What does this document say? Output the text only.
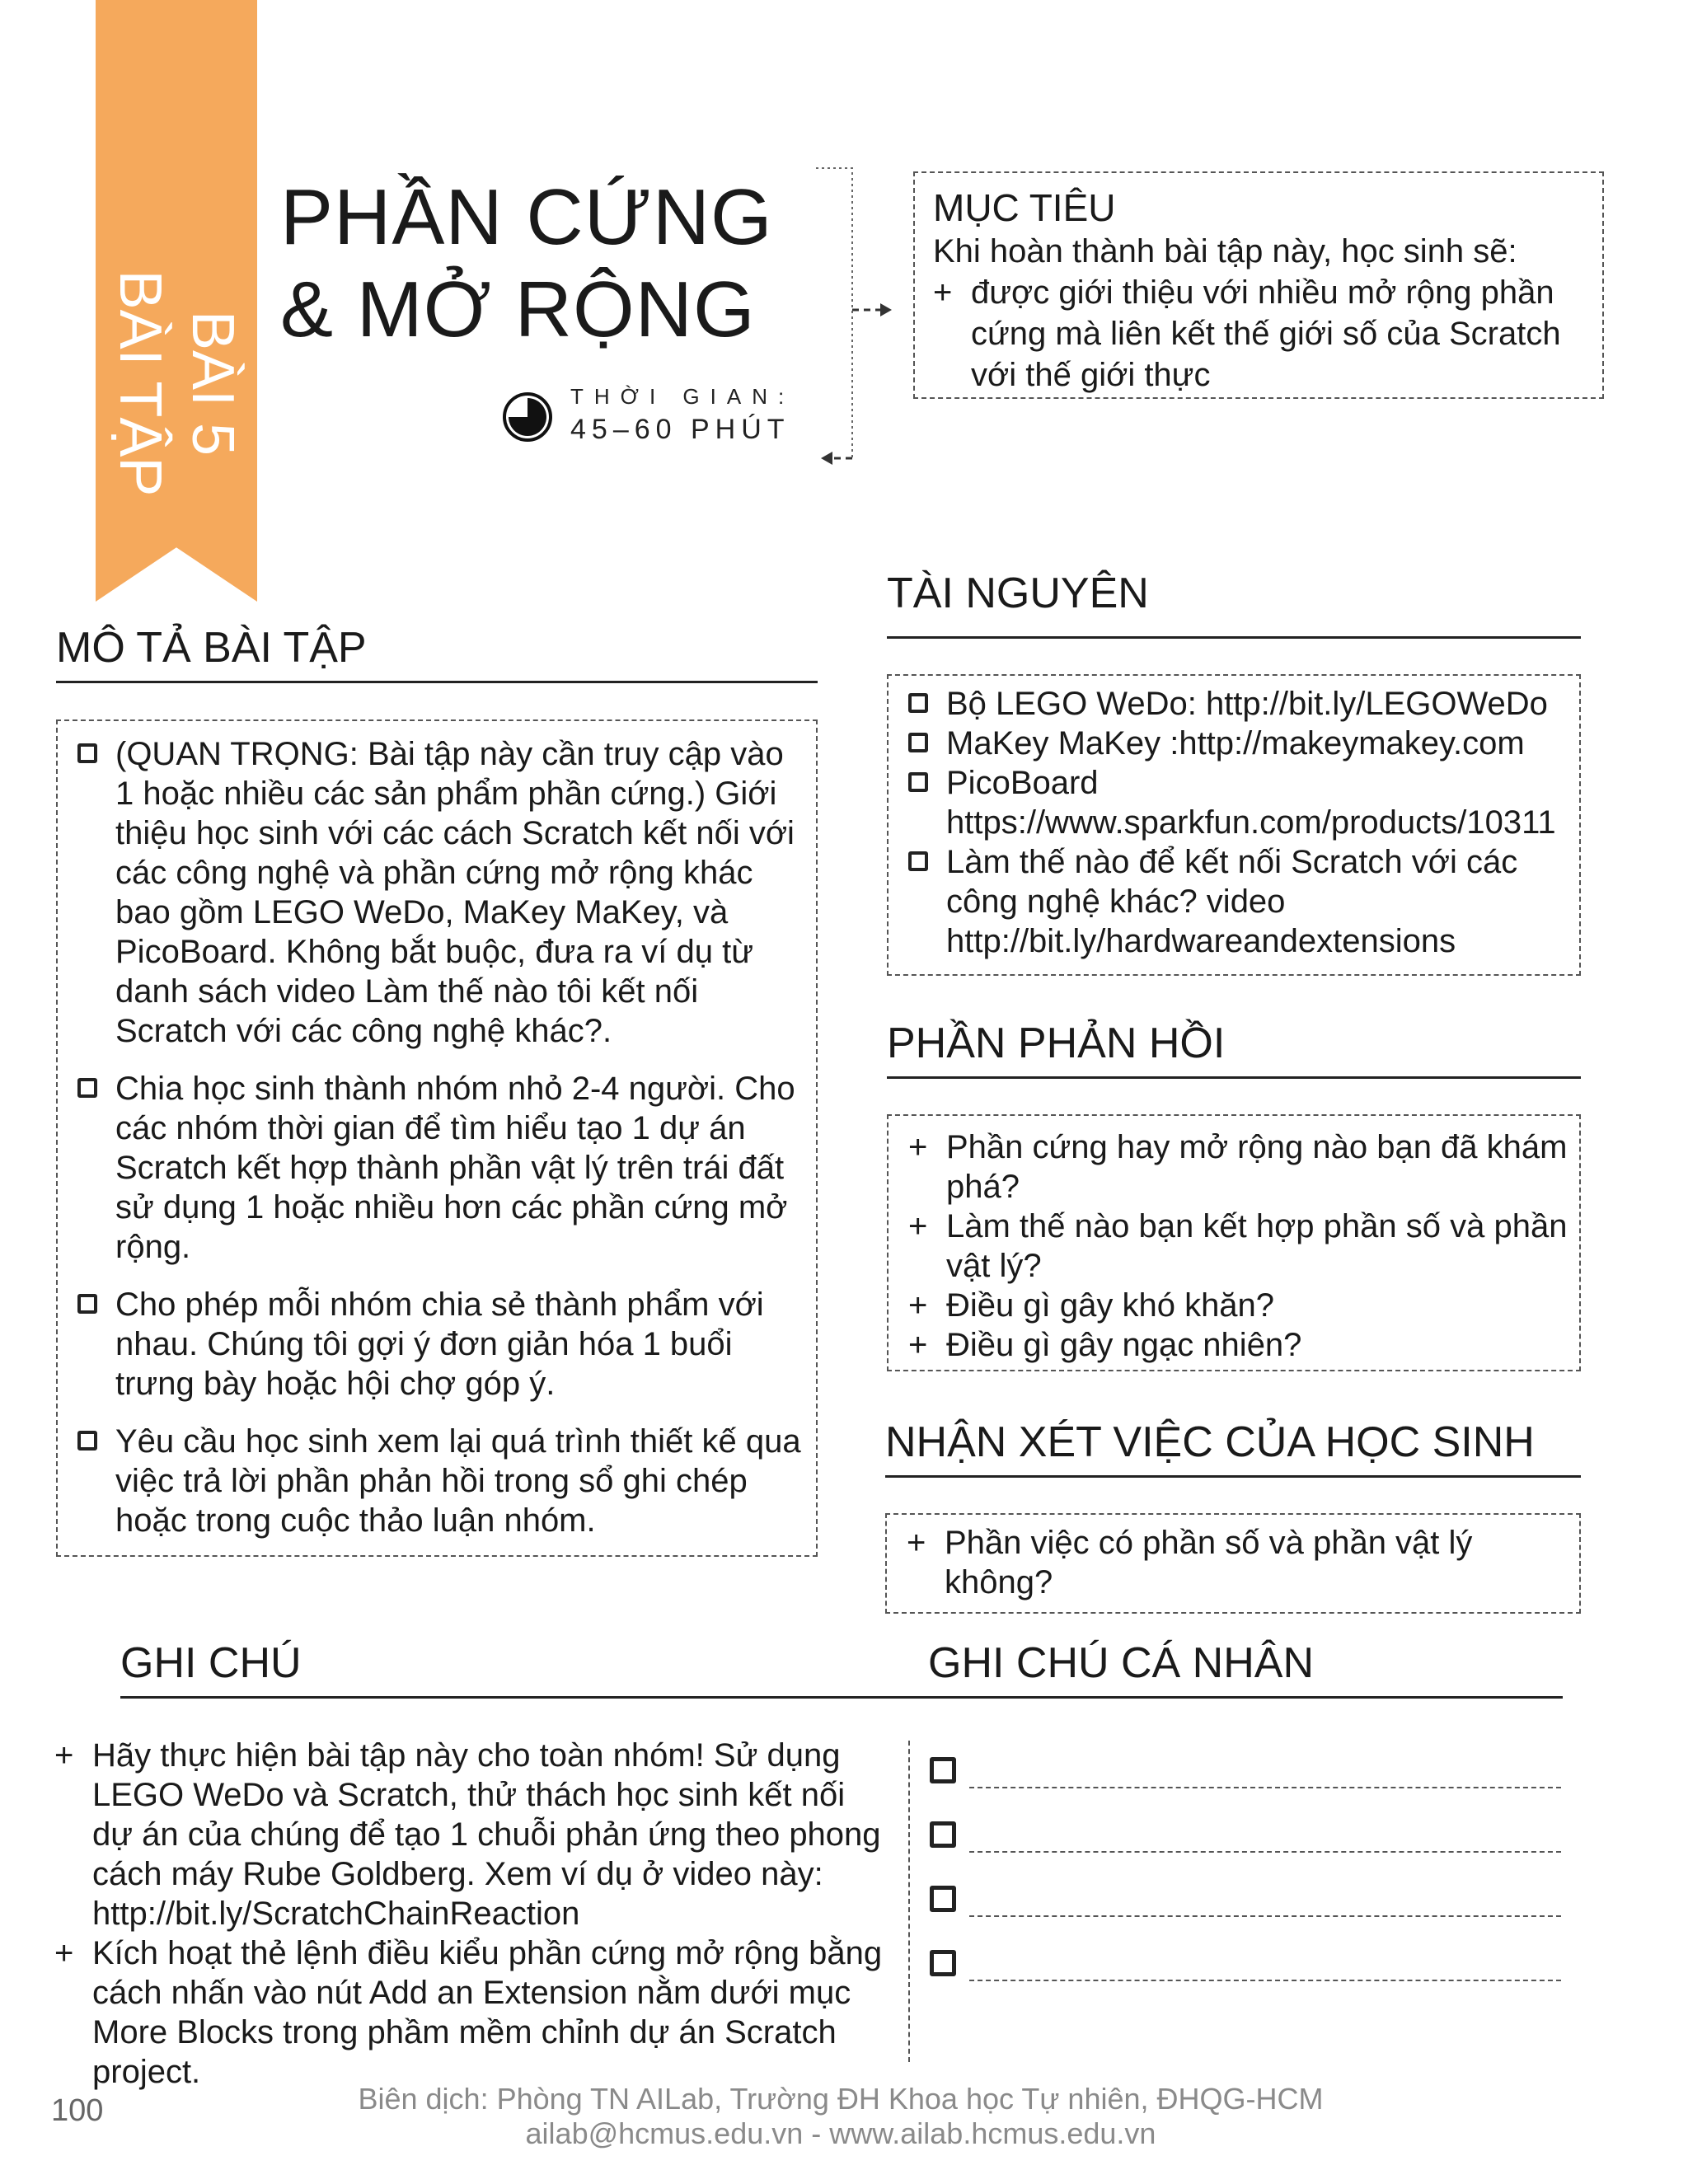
BÀI 5
BÀI TẬP
PHẦN CỨNG
& MỞ RỘNG
THỜI GIAN:
45–60 PHÚT
MỤC TIÊU
Khi hoàn thành bài tập này, học sinh sẽ:
+ được giới thiệu với nhiều mở rộng phần cứng mà liên kết thế giới số của Scratch với thế giới thực
MÔ TẢ BÀI TẬP
(QUAN TRỌNG: Bài tập này cần truy cập vào 1 hoặc nhiều các sản phẩm phần cứng.) Giới thiệu học sinh với các cách Scratch kết nối với các công nghệ và phần cứng mở rộng khác bao gồm LEGO WeDo, MaKey MaKey, và PicoBoard. Không bắt buộc, đưa ra ví dụ từ danh sách video Làm thế nào tôi kết nối Scratch với các công nghệ khác?.
Chia học sinh thành nhóm nhỏ 2-4 người. Cho các nhóm thời gian để tìm hiểu tạo 1 dự án Scratch kết hợp thành phần vật lý trên trái đất sử dụng 1 hoặc nhiều hơn các phần cứng mở rộng.
Cho phép mỗi nhóm chia sẻ thành phẩm với nhau. Chúng tôi gợi ý đơn giản hóa 1 buổi trưng bày hoặc hội chợ góp ý.
Yêu cầu học sinh xem lại quá trình thiết kế qua việc trả lời phần phản hồi trong sổ ghi chép hoặc trong cuộc thảo luận nhóm.
TÀI NGUYÊN
Bộ LEGO WeDo: http://bit.ly/LEGOWeDo
MaKey MaKey :http://makeymakey.com
PicoBoard https://www.sparkfun.com/products/10311
Làm thế nào để kết nối Scratch với các công nghệ khác? video http://bit.ly/hardwareandextensions
PHẦN PHẢN HỒI
+ Phần cứng hay mở rộng nào bạn đã khám phá?
+ Làm thế nào bạn kết hợp phần số và phần vật lý?
+ Điều gì gây khó khăn?
+ Điều gì gây ngạc nhiên?
NHẬN XÉT VIỆC CỦA HỌC SINH
+ Phần việc có phần số và phần vật lý không?
GHI CHÚ	GHI CHÚ CÁ NHÂN
+ Hãy thực hiện bài tập này cho toàn nhóm! Sử dụng LEGO WeDo và Scratch, thử thách học sinh kết nối dự án của chúng để tạo 1 chuỗi phản ứng theo phong cách máy Rube Goldberg. Xem ví dụ ở video này: http://bit.ly/ScratchChainReaction
+ Kích hoạt thẻ lệnh điều kiểu phần cứng mở rộng bằng cách nhấn vào nút Add an Extension nằm dưới mục More Blocks trong phầm mềm chỉnh dự án Scratch project.
100	Biên dịch: Phòng TN AILab, Trường ĐH Khoa học Tự nhiên, ĐHQG-HCM
ailab@hcmus.edu.vn - www.ailab.hcmus.edu.vn
